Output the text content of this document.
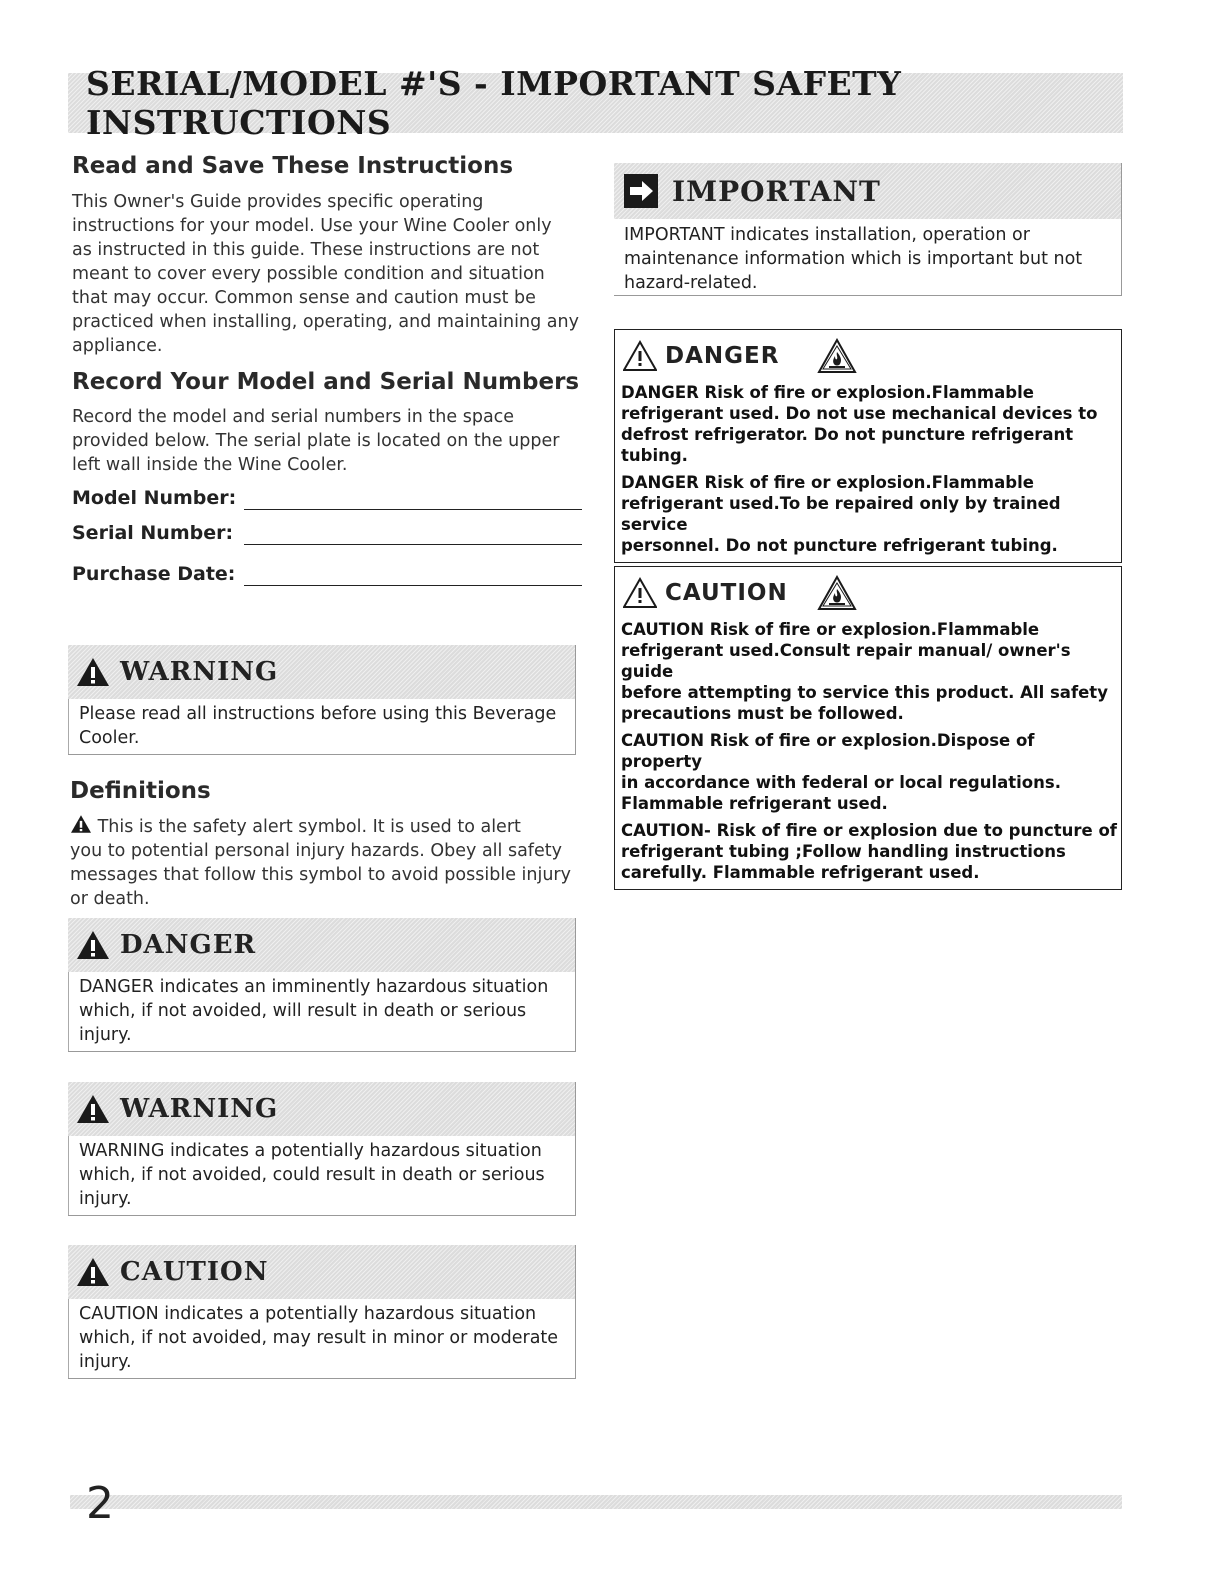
SERIAL/MODEL #'S - IMPORTANT SAFETY INSTRUCTIONS
Read and Save These Instructions
This Owner's Guide provides specific operating
instructions for your model. Use your Wine Cooler only
as instructed in this guide. These instructions are not
meant to cover every possible condition and situation
that may occur. Common sense and caution must be
practiced when installing, operating, and maintaining any
appliance.
Record Your Model and Serial Numbers
Record the model and serial numbers in the space
provided below. The serial plate is located on the upper
left wall inside the Wine Cooler.
Model Number:
Serial Number:
Purchase Date:
WARNING
Please read all instructions before using this Beverage
Cooler.
Definitions
This is the safety alert symbol. It is used to alert
you to potential personal injury hazards. Obey all safety
messages that follow this symbol to avoid possible injury
or death.
DANGER
DANGER indicates an imminently hazardous situation
which, if not avoided, will result in death or serious
injury.
WARNING
WARNING indicates a potentially hazardous situation
which, if not avoided, could result in death or serious
injury.
CAUTION
CAUTION indicates a potentially hazardous situation
which, if not avoided, may result in minor or moderate
injury.
IMPORTANT
IMPORTANT indicates installation, operation or
maintenance information which is important but not
hazard-related.
DANGER
DANGER Risk of fire or explosion.Flammable
refrigerant used. Do not use mechanical devices to
defrost refrigerator. Do not puncture refrigerant tubing.
DANGER Risk of fire or explosion.Flammable
refrigerant used.To be repaired only by trained service
personnel. Do not puncture refrigerant tubing.
CAUTION
CAUTION Risk of fire or explosion.Flammable
refrigerant used.Consult repair manual/ owner's guide
before attempting to service this product. All safety
precautions must be followed.
CAUTION Risk of fire or explosion.Dispose of property
in accordance with federal or local regulations.
Flammable refrigerant used.
CAUTION- Risk of fire or explosion due to puncture of
refrigerant tubing ;Follow handling instructions
carefully. Flammable refrigerant used.
2
